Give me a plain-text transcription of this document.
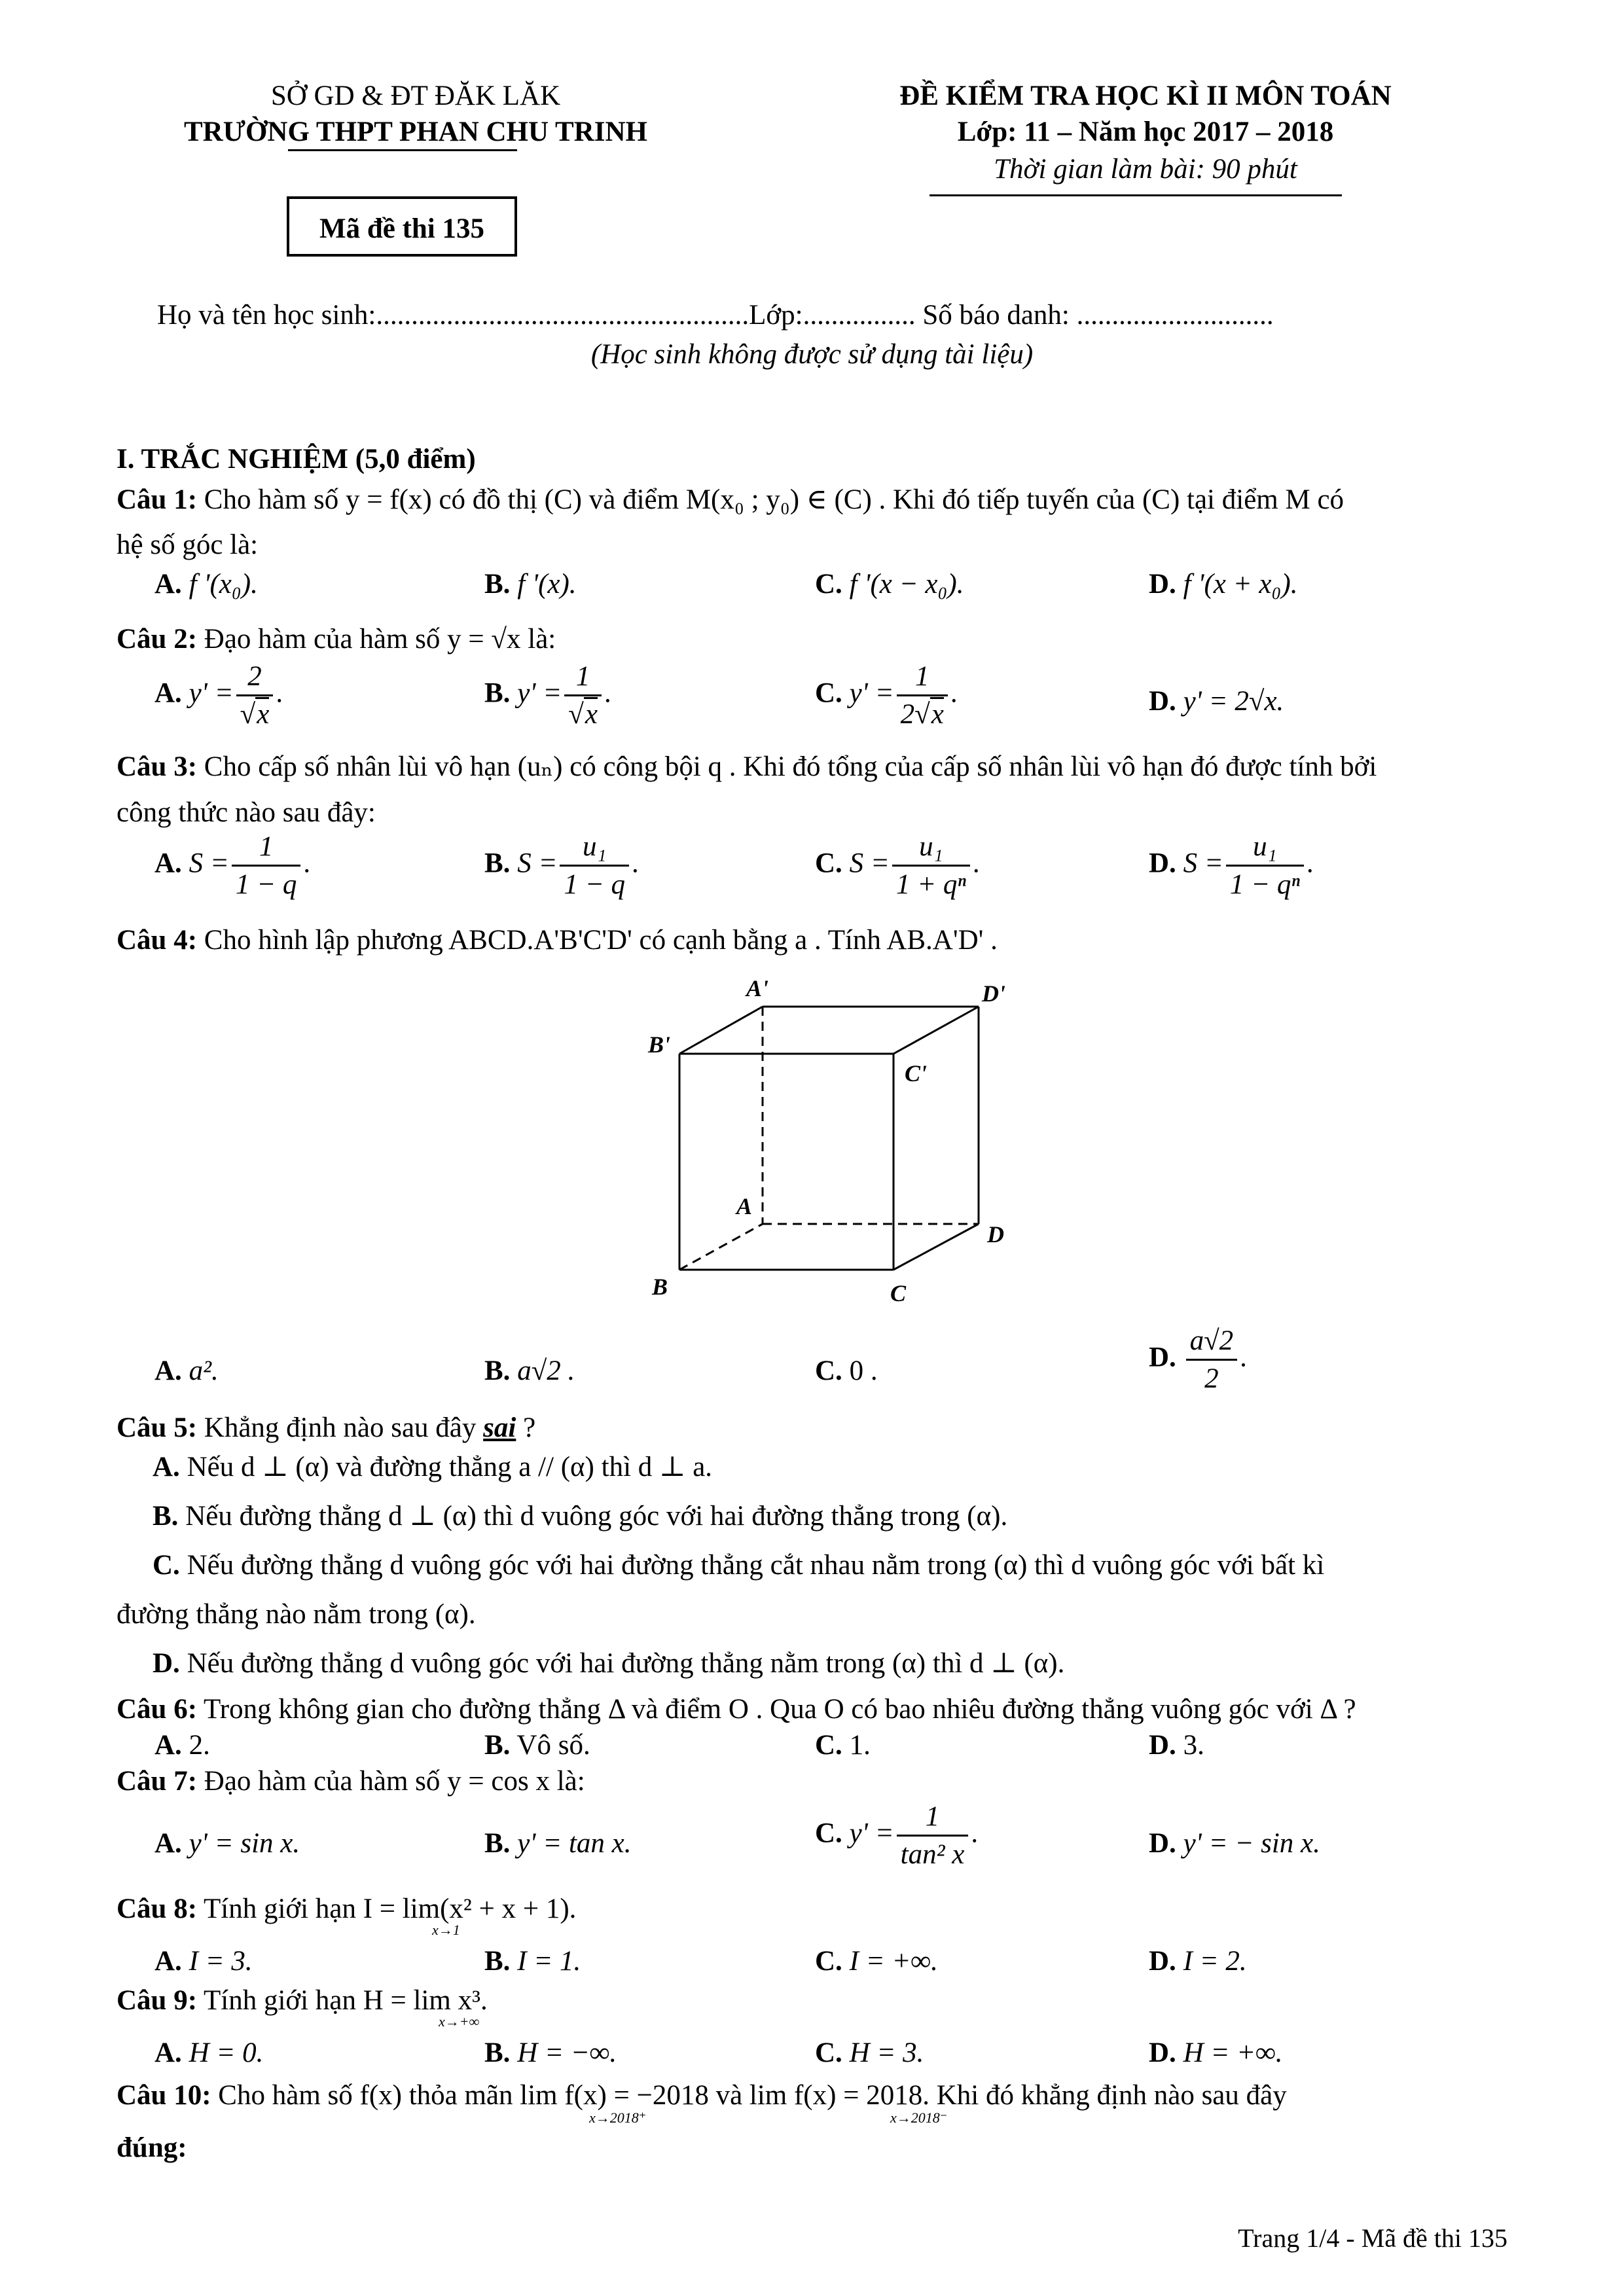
SỞ GD & ĐT ĐĂK LĂK
TRƯỜNG THPT PHAN CHU TRINH
ĐỀ KIỂM TRA HỌC KÌ II MÔN TOÁN
Lớp: 11 – Năm học 2017 – 2018
Thời gian làm bài: 90 phút
Mã đề thi 135
Họ và tên học sinh:.....................................................Lớp:................ Số báo danh: ............................
(Học sinh không được sử dụng tài liệu)
I. TRẮC NGHIỆM (5,0 điểm)
Câu 1: Cho hàm số y = f(x) có đồ thị (C) và điểm M(x₀ ; y₀) ∈ (C) . Khi đó tiếp tuyến của (C) tại điểm M có
hệ số góc là:
A. f '(x₀).	B. f '(x).	C. f '(x − x₀).	D. f '(x + x₀).
Câu 2: Đạo hàm của hàm số y = √x là:
A. $y' = \frac{2}{√x}$ .	B. $y' = \frac{1}{√x}$ .	C. $y' = \frac{1}{2√x}$ .	D. y' = 2√x.
Câu 3: Cho cấp số nhân lùi vô hạn (uₙ) có công bội q . Khi đó tổng của cấp số nhân lùi vô hạn đó được tính bởi
công thức nào sau đây:
A. $S = \frac{1}{1 - q}$ .	B. $S = \frac{\text{u₁}}{1 - q}$ .	C. $S = \frac{\text{u₁}}{\text{1 + qⁿ}}$ .	D. $S = \frac{\text{u₁}}{\text{1 − qⁿ}}$ .
Câu 4: Cho hình lập phương ABCD.A'B'C'D' có cạnh bằng a . Tính AB.A'D' .
A'	D'
B'
C'
A
D
B	C
A. a².	B. a√2 .	C. 0 .	D. $\frac{a√2}{2}$ .
Câu 5: Khẳng định nào sau đây sai ?
A. Nếu d ⊥ (α) và đường thẳng a // (α) thì d ⊥ a.
B. Nếu đường thẳng d ⊥ (α) thì d vuông góc với hai đường thẳng trong (α).
C. Nếu đường thẳng d vuông góc với hai đường thẳng cắt nhau nằm trong (α) thì d vuông góc với bất kì
đường thẳng nào nằm trong (α).
D. Nếu đường thẳng d vuông góc với hai đường thẳng nằm trong (α) thì d ⊥ (α).
Câu 6: Trong không gian cho đường thẳng Δ và điểm O . Qua O có bao nhiêu đường thẳng vuông góc với Δ ?
A. 2.	B. Vô số.	C. 1.	D. 3.
Câu 7: Đạo hàm của hàm số y = cos x là:
A. y' = sin x.	B. y' = tan x.	C. $y' = \frac{1}{\text{tan² x}}$ .	D. y' = − sin x.
Câu 8: Tính giới hạn I = lim(x² + x + 1).
x→1
A. I = 3.	B. I = 1.	C. I = +∞.	D. I = 2.
Câu 9: Tính giới hạn H = lim x³.
x→+∞
A. H = 0.	B. H = −∞.	C. H = 3.	D. H = +∞.
Câu 10: Cho hàm số f(x) thỏa mãn lim f(x) = −2018 và lim f(x) = 2018. Khi đó khẳng định nào sau đây
x→2018⁺	x→2018⁻
đúng:
Trang 1/4 - Mã đề thi 135
